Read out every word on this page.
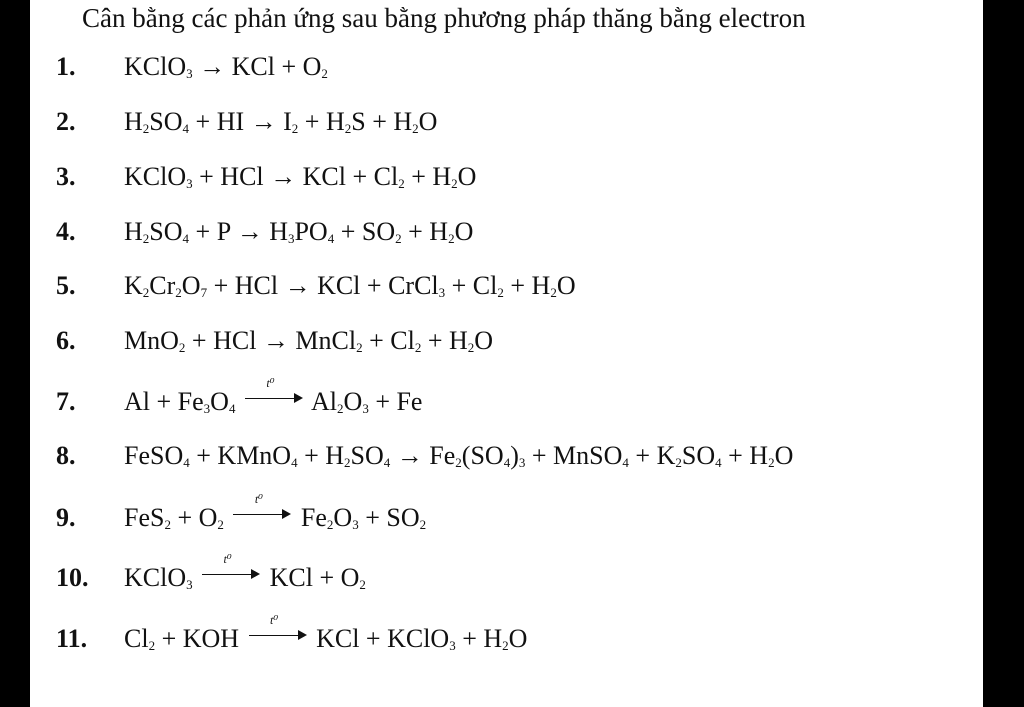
Cân bằng các phản ứng sau bằng phương pháp thăng bằng electron
1. KClO$_3$ → KCl + $O_2$
2. $H_2SO_4$ + HI → $I_2 + H_2S + H_2O$
3. KClO$_3$ + HCl → KCl + $Cl_2 + H_2O$
4. $H_2SO_4 + P \to H_3PO_4 + SO_2 + H_2O$
5. $K_2Cr_2O_7$ + HCl → KCl + CrCl$_3$ + $Cl_2 + H_2O$
6. MnO$_2$ + HCl → MnCl$_2$ + $Cl_2 + H_2O$
7. $Al + Fe_3O_4$
t⁰
$Al_2O_3 + Fe$
8. FeSO$_4$ + KMnO$_4$ + $H_2SO_4 \to Fe_2(SO_4)_3$ + MnSO$_4$ + $K_2SO_4 + H_2O$
9. $FeS_2 + O_2$
t⁰
$Fe_2O_3 + SO_2$
10. KClO$_3$
t⁰
KCl + $O_2$
11. $Cl_2$ + KOH
t⁰
KCl + KClO$_3$ + $H_2O$
